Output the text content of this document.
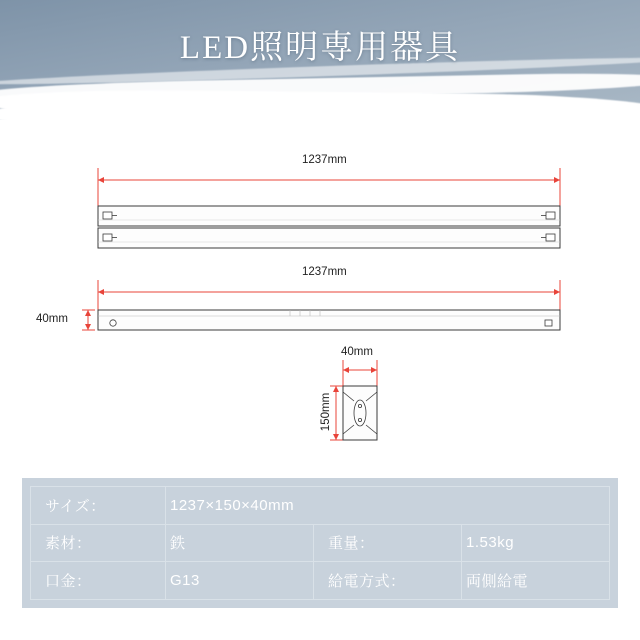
LED照明専用器具
1237mm
1237mm
40mm
40mm
150mm
サイズ：	1237×150×40mm		
素材：	鉄	重量：	1.53kg
口金：	G13	給電方式：	両側給電
